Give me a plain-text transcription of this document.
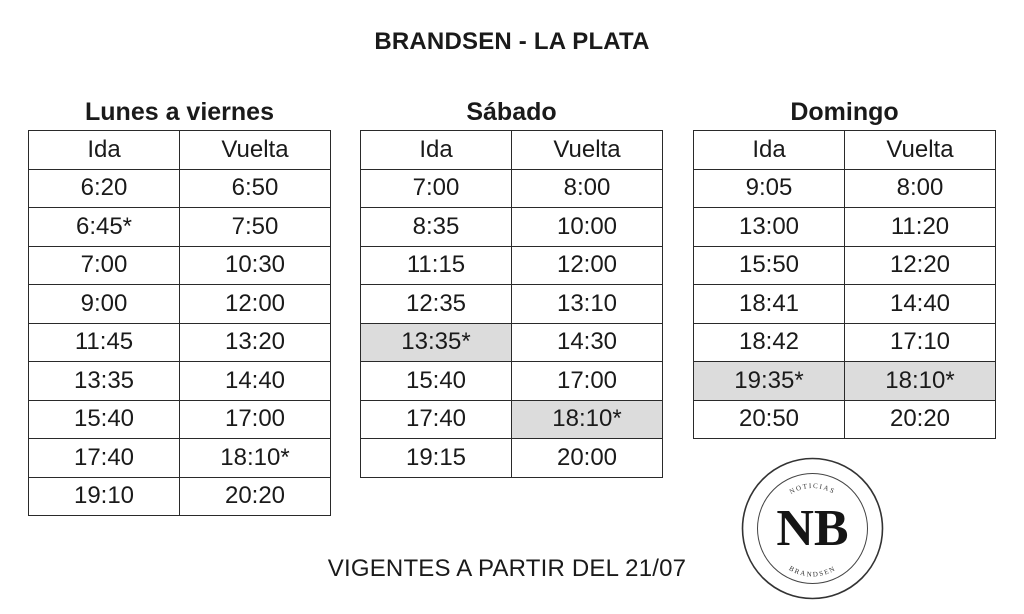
BRANDSEN - LA PLATA
Lunes a viernes
Ida	Vuelta
6:20	6:50
6:45*	7:50
7:00	10:30
9:00	12:00
11:45	13:20
13:35	14:40
15:40	17:00
17:40	18:10*
19:10	20:20
Sábado
Ida	Vuelta
7:00	8:00
8:35	10:00
11:15	12:00
12:35	13:10
13:35*	14:30
15:40	17:00
17:40	18:10*
19:15	20:00
Domingo
Ida	Vuelta
9:05	8:00
13:00	11:20
15:50	12:20
18:41	14:40
18:42	17:10
19:35*	18:10*
20:50	20:20
VIGENTES A PARTIR DEL 21/07
NOTICIAS
BRANDSEN
NB
